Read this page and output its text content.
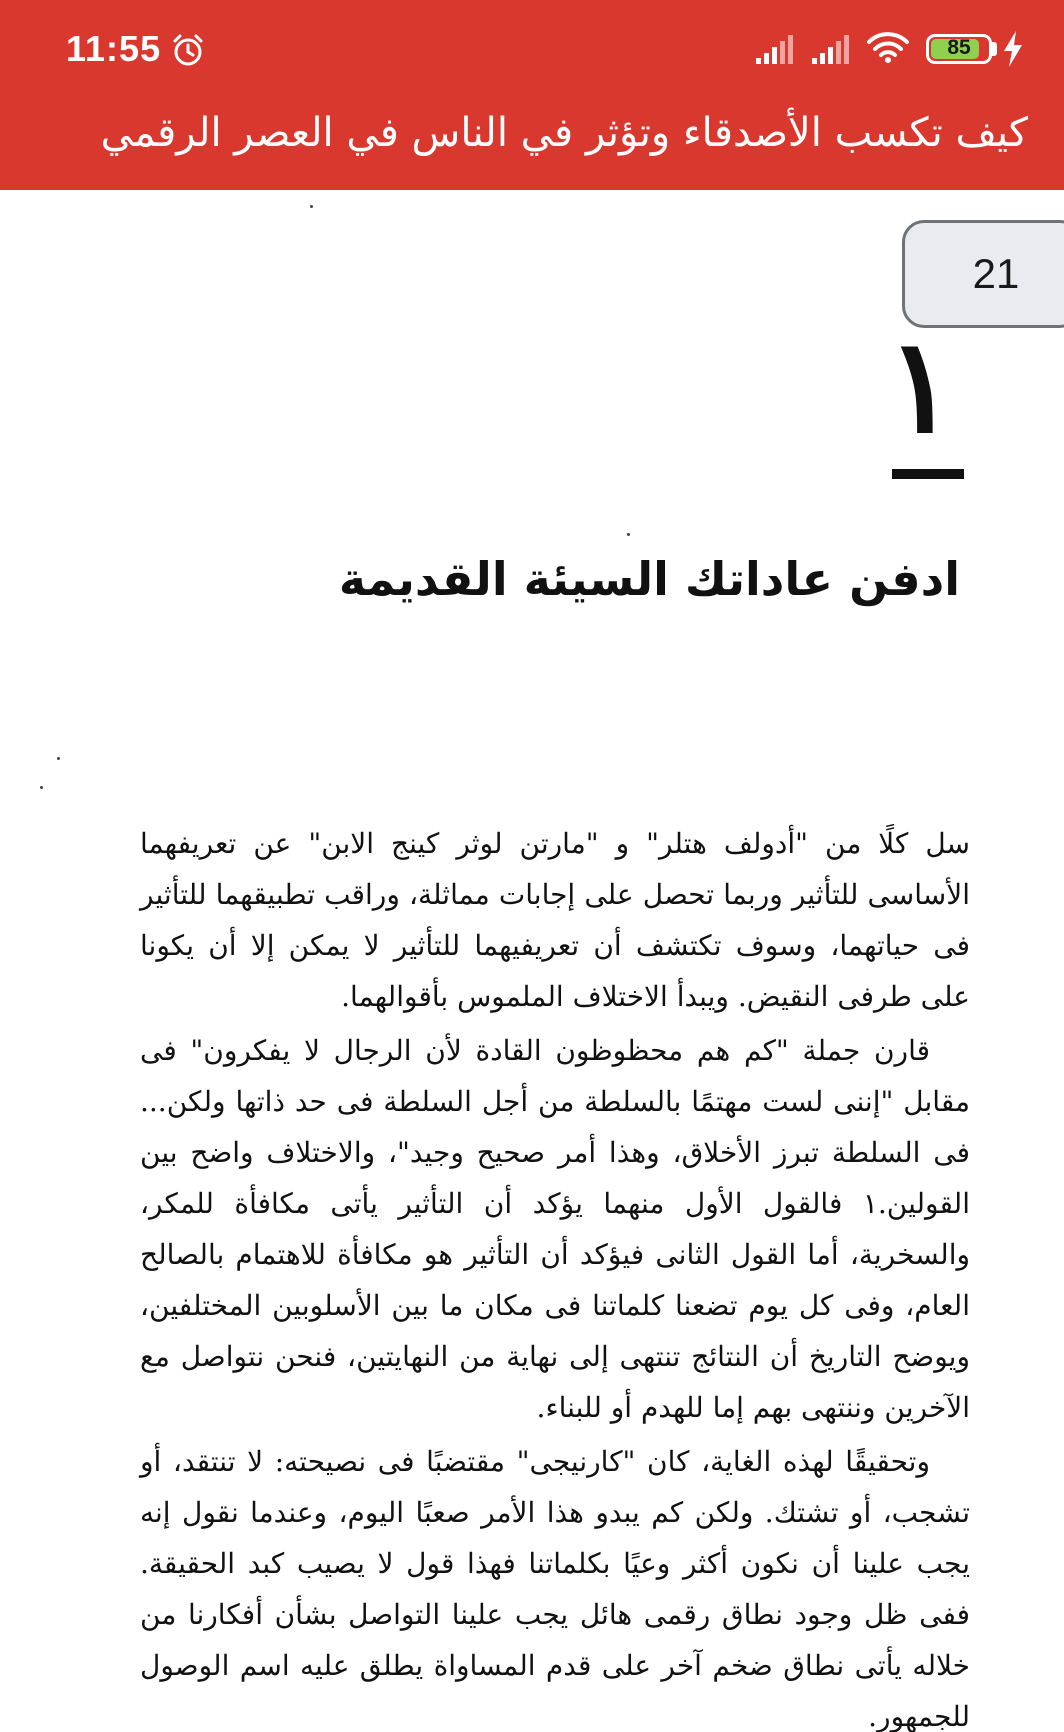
11:55	85
كيف تكسب الأصدقاء وتؤثر في الناس في العصر الرقمي
21
١
ادفن عاداتك السيئة القديمة

سل كلًا من "أدولف هتلر" و "مارتن لوثر كينج الابن" عن تعريفهما الأساسى للتأثير وربما تحصل على إجابات مماثلة، وراقب تطبيقهما للتأثير فى حياتهما، وسوف تكتشف أن تعريفيهما للتأثير لا يمكن إلا أن يكونا على طرفى النقيض. ويبدأ الاختلاف الملموس بأقوالهما.

قارن جملة "كم هم محظوظون القادة لأن الرجال لا يفكرون" فى مقابل "إننى لست مهتمًا بالسلطة من أجل السلطة فى حد ذاتها ولكن... فى السلطة تبرز الأخلاق، وهذا أمر صحيح وجيد"، والاختلاف واضح بين القولين.١ فالقول الأول منهما يؤكد أن التأثير يأتى مكافأة للمكر، والسخرية، أما القول الثانى فيؤكد أن التأثير هو مكافأة للاهتمام بالصالح العام، وفى كل يوم تضعنا كلماتنا فى مكان ما بين الأسلوبين المختلفين، ويوضح التاريخ أن النتائج تنتهى إلى نهاية من النهايتين، فنحن نتواصل مع الآخرين وننتهى بهم إما للهدم أو للبناء.

وتحقيقًا لهذه الغاية، كان "كارنيجى" مقتضبًا فى نصيحته: لا تنتقد، أو تشجب، أو تشتك. ولكن كم يبدو هذا الأمر صعبًا اليوم، وعندما نقول إنه يجب علينا أن نكون أكثر وعيًا بكلماتنا فهذا قول لا يصيب كبد الحقيقة. ففى ظل وجود نطاق رقمى هائل يجب علينا التواصل بشأن أفكارنا من خلاله يأتى نطاق ضخم آخر على قدم المساواة يطلق عليه اسم الوصول للجمهور.
